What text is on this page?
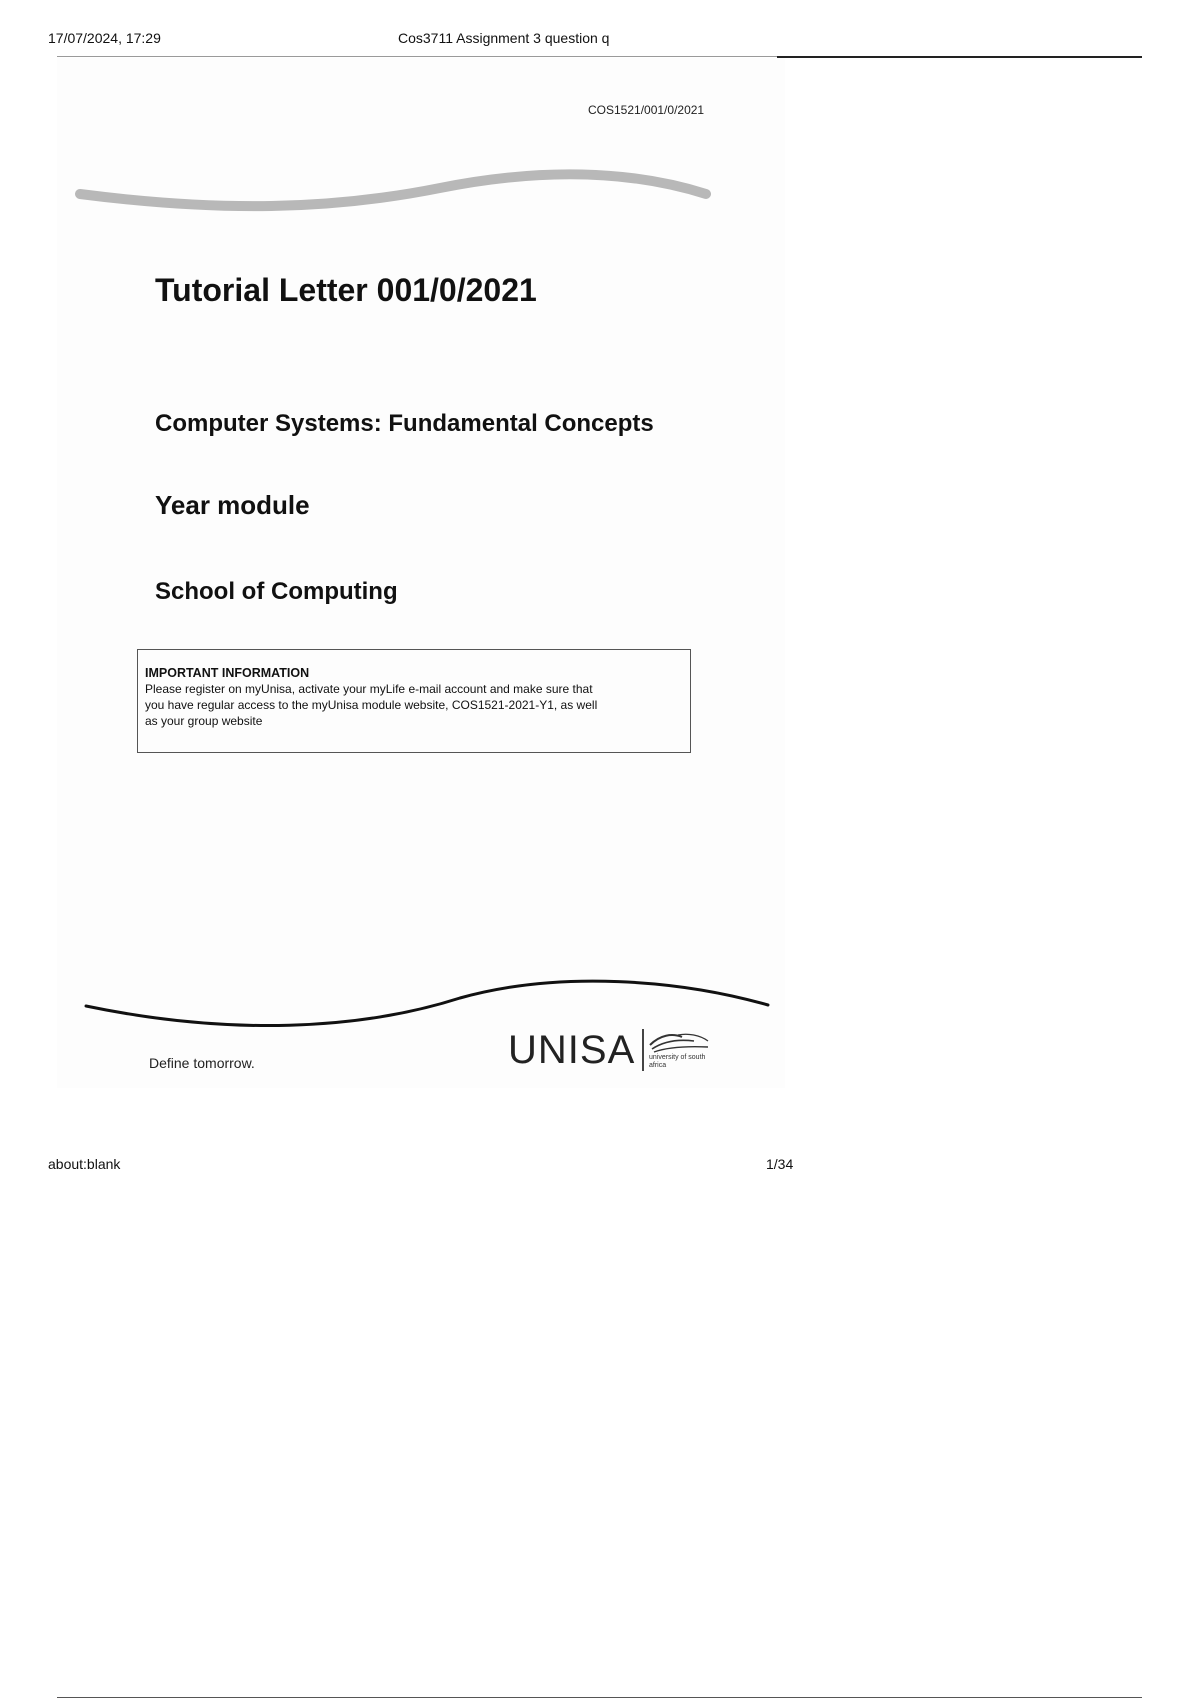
17/07/2024, 17:29	Cos3711 Assignment 3 question q
COS1521/001/0/2021
Tutorial Letter 001/0/2021
Computer Systems: Fundamental Concepts
Year module
School of Computing
IMPORTANT INFORMATION
Please register on myUnisa, activate your myLife e-mail account and make sure that you have regular access to the myUnisa module website, COS1521-2021-Y1, as well as your group website
Define tomorrow.	UNISA university of south africa
about:blank	1/34
